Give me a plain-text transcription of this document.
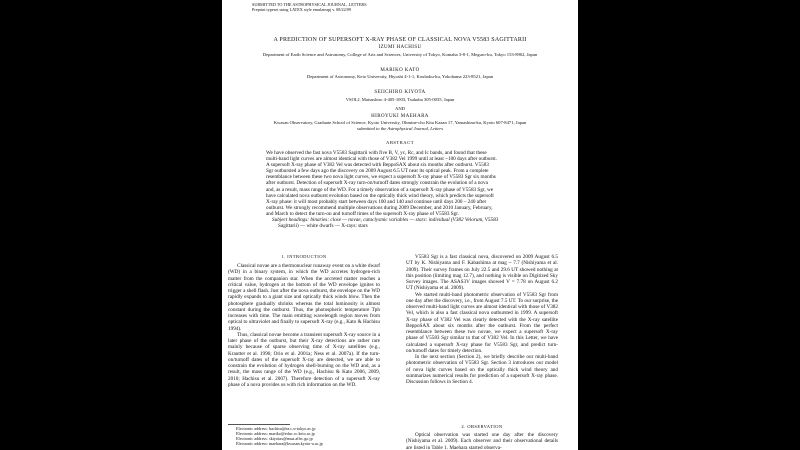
SUBMITTED TO THE ASTROPHYSICAL JOURNAL, LETTERS
Preprint typeset using LATEX style emulateapj v. 08/22/09
A PREDICTION OF SUPERSOFT X-RAY PHASE OF CLASSICAL NOVA V5583 SAGITTARII
IZUMI HACHISU
Department of Earth Science and Astronomy, College of Arts and Sciences, University of Tokyo, Komaba 3-8-1, Meguro-ku, Tokyo 153-8902, Japan
MARIKO KATO
Department of Astronomy, Keio University, Hiyoshi 4-1-1, Kouhoku-ku, Yokohama 223-8521, Japan
SEIICHIRO KIYOTA
VSOLJ, Matsushiro 4-405-1003, Tsukuba 305-0035, Japan
AND
HIROYUKI MAEHARA
Kwasan Observatory, Graduate School of Science, Kyoto University, Ohmine-cho Kita Kazan 17, Yamashina-ku, Kyoto 607-8471, Japan
submitted to the Astrophysical Journal, Letters
ABSTRACT
We have observed the fast nova V5583 Sagittarii with five B, V, yc, Rc, and Ic bands, and found that these
multi-band light curves are almost identical with those of V382 Vel 1999 until at least ~100 days after outburst.
A supersoft X-ray phase of V382 Vel was detected with BeppoSAX about six months after outburst. V5583
Sgr outbursted a few days ago the discovery on 2009 August 6.5 UT near its optical peak. From a complete
resemblance between these two nova light curves, we expect a supersoft X-ray phase of V5583 Sgr six months
after outburst. Detection of supersoft X-ray turn-on/turnoff dates strongly constrain the evolution of a nova
and, as a result, mass range of the WD. For a timely observation of a supersoft X-ray phase of V5583 Sgr, we
have calculated nova outburst evolution based on the optically thick wind theory, which predicts the supersoft
X-ray phase: it will most probably start between days 100 and 140 and continue until days 200 – 240 after
outburst. We strongly recommend multiple observations during 2009 December, and 2010 January, February,
and March to detect the turn-on and turnoff times of the supersoft X-ray phase of V5583 Sgr.
Subject headings: binaries: close — novae, cataclysmic variables — stars: individual (V382 Velorum, V5583
Sagittarii) — white dwarfs — X-rays: stars
1. INTRODUCTION

Classical novae are a thermonuclear runaway event on a white dwarf (WD) in a binary system, in which the WD accretes hydrogen-rich matter from the companion star. When the accreted matter reaches a critical value, hydrogen at the bottom of the WD envelope ignites to trigger a shell flash. Just after the nova outburst, the envelope on the WD rapidly expands to a giant size and optically thick winds blow. Then the photosphere gradually shrinks whereas the total luminosity is almost constant during the outburst. Thus, the photospheric temperature Tph increases with time. The main emitting wavelength region moves from optical to ultraviolet and finally to supersoft X-ray (e.g., Kato & Hachisu 1994).

Thus, classical novae become a transient supersoft X-ray source in a later phase of the outburst, but their X-ray detections are rather rare mainly because of sparse observing time of X-ray satellites (e.g., Krautter et al. 1996; Orio et al. 2001a; Ness et al. 2007a). If the turn-on/turnoff dates of the supersoft X-ray are detected, we are able to constrain the evolution of hydrogen shell-burning on the WD and, as a result, the mass range of the WD (e.g., Hachisu & Kato 2006, 2009, 2010; Hachisu et al. 2007). Therefore detection of a supersoft X-ray phase of a nova provides us with rich information on the WD.

Electronic address: hachisu@ea.c.u-tokyo.ac.jp
Electronic address: mariko@educ.cc.keio.ac.jp
Electronic address: skiyotax@mua.affrc.go.jp
Electronic address: maehara@kwasan.kyoto-u.ac.jp

V5583 Sgr is a fast classical nova, discovered on 2009 August 6.5 UT by K. Nishiyama and F. Kabashima at mag ~ 7.7 (Nishiyama et al. 2009). Their survey frames on July 22.5 and 29.6 UT showed nothing at this position (limiting mag 12.7), and nothing is visible on Digitized Sky Survey images. The ASAS3V images showed V = 7.78 on August 6.2 UT (Nishiyama et al. 2009).

We started multi-band photometric observation of V5583 Sgr from one day after the discovery, i.e., from August 7.5 UT. To our surprise, the observed multi-band light curves are almost identical with those of V382 Vel, which is also a fast classical nova outbursted in 1999. A supersoft X-ray phase of V382 Vel was clearly detected with the X-ray satellite BeppoSAX about six months after the outburst. From the perfect resemblance between these two novae, we expect a supersoft X-ray phase of V5583 Sgr similar to that of V382 Vel. In this Letter, we have calculated a supersoft X-ray phase for V5583 Sgr, and predict turn-on/turnoff dates for timely detection.

In the next section (Section 2), we briefly describe our multi-band photometric observation of V5583 Sgr. Section 3 introduces our model of nova light curves based on the optically thick wind theory and summarizes numerical results for prediction of a supersoft X-ray phase. Discussion follows in Section 4.

2. OBSERVATION

Optical observation was started one day after the discovery (Nishiyama et al. 2009). Each observer and their observational details are listed in Table 1. Maehara started observa-
